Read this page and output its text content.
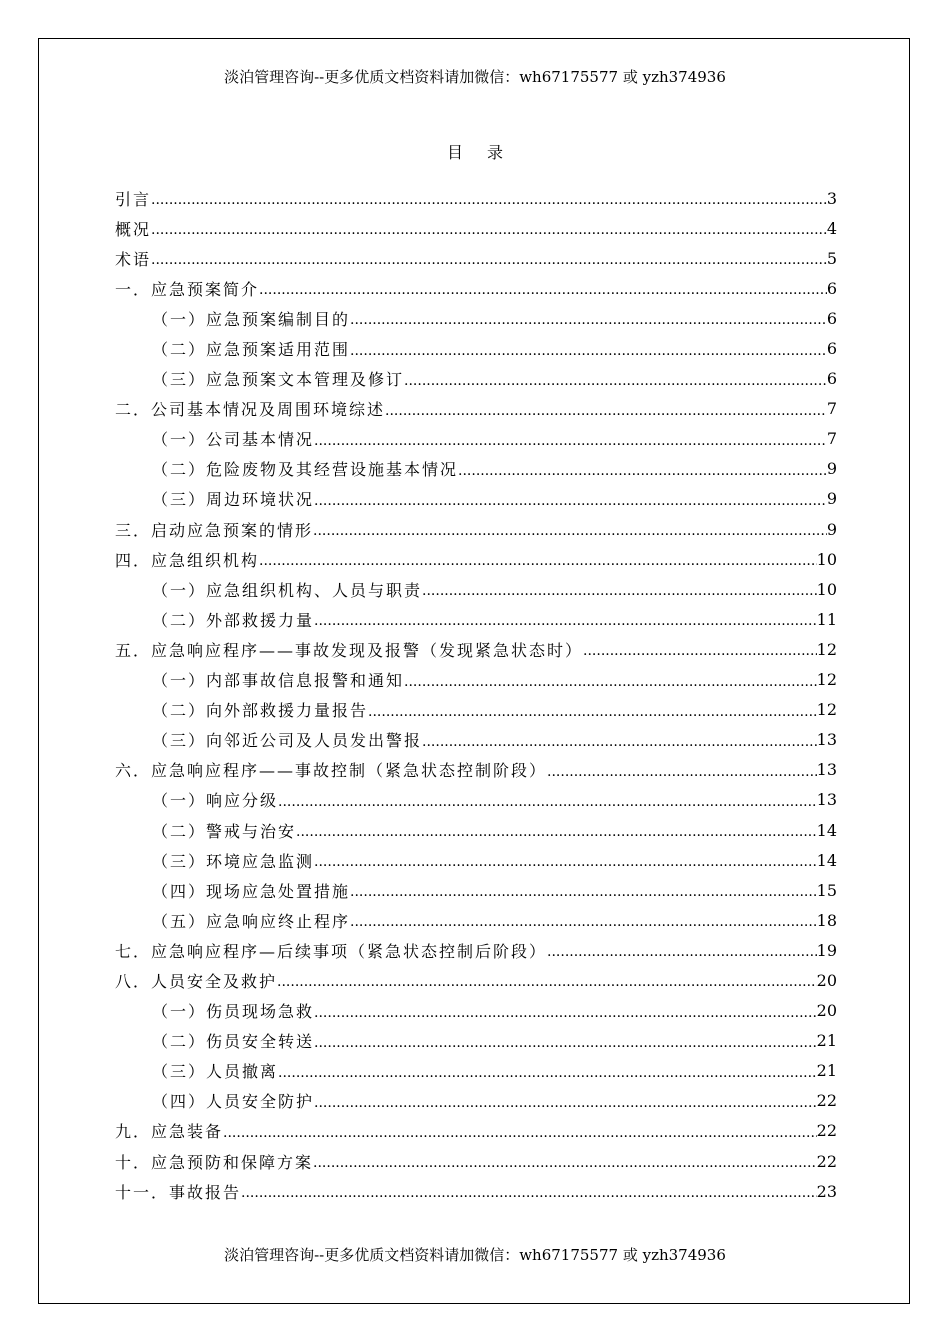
淡泊管理咨询--更多优质文档资料请加微信：wh67175577 或 yzh374936
目录
引言 .....	3
概况 .....	4
术语 .....	5
一．应急预案简介 .....	6
（一）应急预案编制目的 .....	6
（二）应急预案适用范围 .....	6
（三）应急预案文本管理及修订 .....	6
二．公司基本情况及周围环境综述 .....	7
（一）公司基本情况 .....	7
（二）危险废物及其经营设施基本情况 .....	9
（三）周边环境状况 .....	9
三．启动应急预案的情形 .....	9
四．应急组织机构 .....	10
（一）应急组织机构、人员与职责 .....	10
（二）外部救援力量 .....	11
五．应急响应程序——事故发现及报警（发现紧急状态时） .....	12
（一）内部事故信息报警和通知 .....	12
（二）向外部救援力量报告 .....	12
（三）向邻近公司及人员发出警报 .....	13
六．应急响应程序——事故控制（紧急状态控制阶段） .....	13
（一）响应分级 .....	13
（二）警戒与治安 .....	14
（三）环境应急监测 .....	14
（四）现场应急处置措施 .....	15
（五）应急响应终止程序 .....	18
七．应急响应程序—后续事项（紧急状态控制后阶段） .....	19
八．人员安全及救护 .....	20
（一）伤员现场急救 .....	20
（二）伤员安全转送 .....	21
（三）人员撤离 .....	21
（四）人员安全防护 .....	22
九．应急装备 .....	22
十．应急预防和保障方案 .....	22
十一．事故报告 .....	23
淡泊管理咨询--更多优质文档资料请加微信：wh67175577 或 yzh374936
